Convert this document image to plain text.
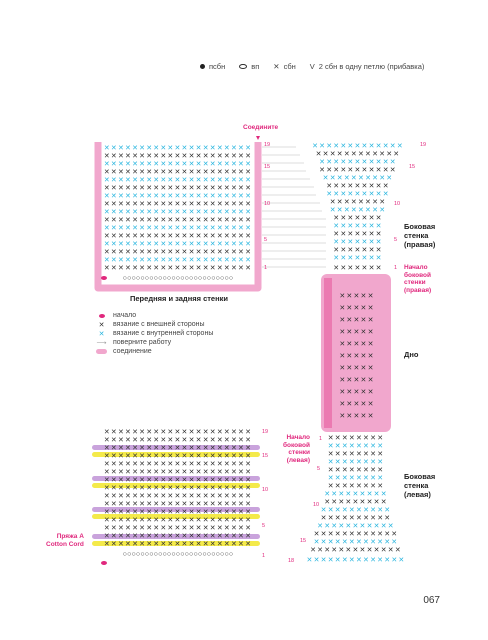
псбн	вп ✕ сбн V 2 сбн в одну петлю (прибавка)
✕✕✕✕✕✕✕✕✕✕✕✕✕✕✕✕✕✕✕✕✕
✕✕✕✕✕✕✕✕✕✕✕✕✕✕✕✕✕✕✕✕✕
✕✕✕✕✕✕✕✕✕✕✕✕✕✕✕✕✕✕✕✕✕
✕✕✕✕✕✕✕✕✕✕✕✕✕✕✕✕✕✕✕✕✕
✕✕✕✕✕✕✕✕✕✕✕✕✕✕✕✕✕✕✕✕✕
✕✕✕✕✕✕✕✕✕✕✕✕✕✕✕✕✕✕✕✕✕
✕✕✕✕✕✕✕✕✕✕✕✕✕✕✕✕✕✕✕✕✕
✕✕✕✕✕✕✕✕✕✕✕✕✕✕✕✕✕✕✕✕✕
✕✕✕✕✕✕✕✕✕✕✕✕✕✕✕✕✕✕✕✕✕
✕✕✕✕✕✕✕✕✕✕✕✕✕✕✕✕✕✕✕✕✕
✕✕✕✕✕✕✕✕✕✕✕✕✕✕✕✕✕✕✕✕✕
✕✕✕✕✕✕✕✕✕✕✕✕✕✕✕✕✕✕✕✕✕
✕✕✕✕✕✕✕✕✕✕✕✕✕✕✕✕✕✕✕✕✕
✕✕✕✕✕✕✕✕✕✕✕✕✕✕✕✕✕✕✕✕✕
✕✕✕✕✕✕✕✕✕✕✕✕✕✕✕✕✕✕✕✕✕
✕✕✕✕✕✕✕✕✕✕✕✕✕✕✕✕✕✕✕✕✕
○○○○○○○○○○○○○○○○○○○○○○○○○
✕✕✕✕✕✕✕✕✕✕✕✕✕
✕✕✕✕✕✕✕✕✕✕✕✕
✕✕✕✕✕✕✕✕✕✕✕
✕✕✕✕✕✕✕✕✕✕✕
✕✕✕✕✕✕✕✕✕✕
✕✕✕✕✕✕✕✕✕
✕✕✕✕✕✕✕✕✕
✕✕✕✕✕✕✕✕
✕✕✕✕✕✕✕✕
✕✕✕✕✕✕✕
✕✕✕✕✕✕✕
✕✕✕✕✕✕✕
✕✕✕✕✕✕✕
✕✕✕✕✕✕✕
✕✕✕✕✕✕✕
✕✕✕✕✕✕✕
✕✕✕✕✕
✕✕✕✕✕
✕✕✕✕✕
✕✕✕✕✕
✕✕✕✕✕
✕✕✕✕✕
✕✕✕✕✕
✕✕✕✕✕
✕✕✕✕✕
✕✕✕✕✕
✕✕✕✕✕
✕✕✕✕✕✕✕✕✕✕✕✕✕✕✕✕✕✕✕✕✕
✕✕✕✕✕✕✕✕✕✕✕✕✕✕✕✕✕✕✕✕✕
✕✕✕✕✕✕✕✕✕✕✕✕✕✕✕✕✕✕✕✕✕
✕✕✕✕✕✕✕✕✕✕✕✕✕✕✕✕✕✕✕✕✕
✕✕✕✕✕✕✕✕✕✕✕✕✕✕✕✕✕✕✕✕✕
✕✕✕✕✕✕✕✕✕✕✕✕✕✕✕✕✕✕✕✕✕
✕✕✕✕✕✕✕✕✕✕✕✕✕✕✕✕✕✕✕✕✕
✕✕✕✕✕✕✕✕✕✕✕✕✕✕✕✕✕✕✕✕✕
✕✕✕✕✕✕✕✕✕✕✕✕✕✕✕✕✕✕✕✕✕
✕✕✕✕✕✕✕✕✕✕✕✕✕✕✕✕✕✕✕✕✕
✕✕✕✕✕✕✕✕✕✕✕✕✕✕✕✕✕✕✕✕✕
✕✕✕✕✕✕✕✕✕✕✕✕✕✕✕✕✕✕✕✕✕
✕✕✕✕✕✕✕✕✕✕✕✕✕✕✕✕✕✕✕✕✕
✕✕✕✕✕✕✕✕✕✕✕✕✕✕✕✕✕✕✕✕✕
✕✕✕✕✕✕✕✕✕✕✕✕✕✕✕✕✕✕✕✕✕
○○○○○○○○○○○○○○○○○○○○○○○○○
✕✕✕✕✕✕✕✕
✕✕✕✕✕✕✕✕
✕✕✕✕✕✕✕✕
✕✕✕✕✕✕✕✕
✕✕✕✕✕✕✕✕
✕✕✕✕✕✕✕✕
✕✕✕✕✕✕✕✕
✕✕✕✕✕✕✕✕✕
✕✕✕✕✕✕✕✕✕
✕✕✕✕✕✕✕✕✕✕
✕✕✕✕✕✕✕✕✕✕
✕✕✕✕✕✕✕✕✕✕✕
✕✕✕✕✕✕✕✕✕✕✕✕
✕✕✕✕✕✕✕✕✕✕✕✕
✕✕✕✕✕✕✕✕✕✕✕✕✕
✕✕✕✕✕✕✕✕✕✕✕✕✕✕
19
15
10
5
1
19
15
10
5
1
19
15
10
5
1
1
5
10
15
18
Соедините
Передняя и задняя стенки
Боковая
стенка
(правая)
Начало
боковой
стенки
(правая)
Дно
Начало
боковой
стенки
(левая)
Боковая
стенка
(левая)
Пряжа А
Cotton Cord
начало
✕	вязание с внешней стороны
✕	вязание с внутренней стороны
⟶ поверните работу
соединение
067
